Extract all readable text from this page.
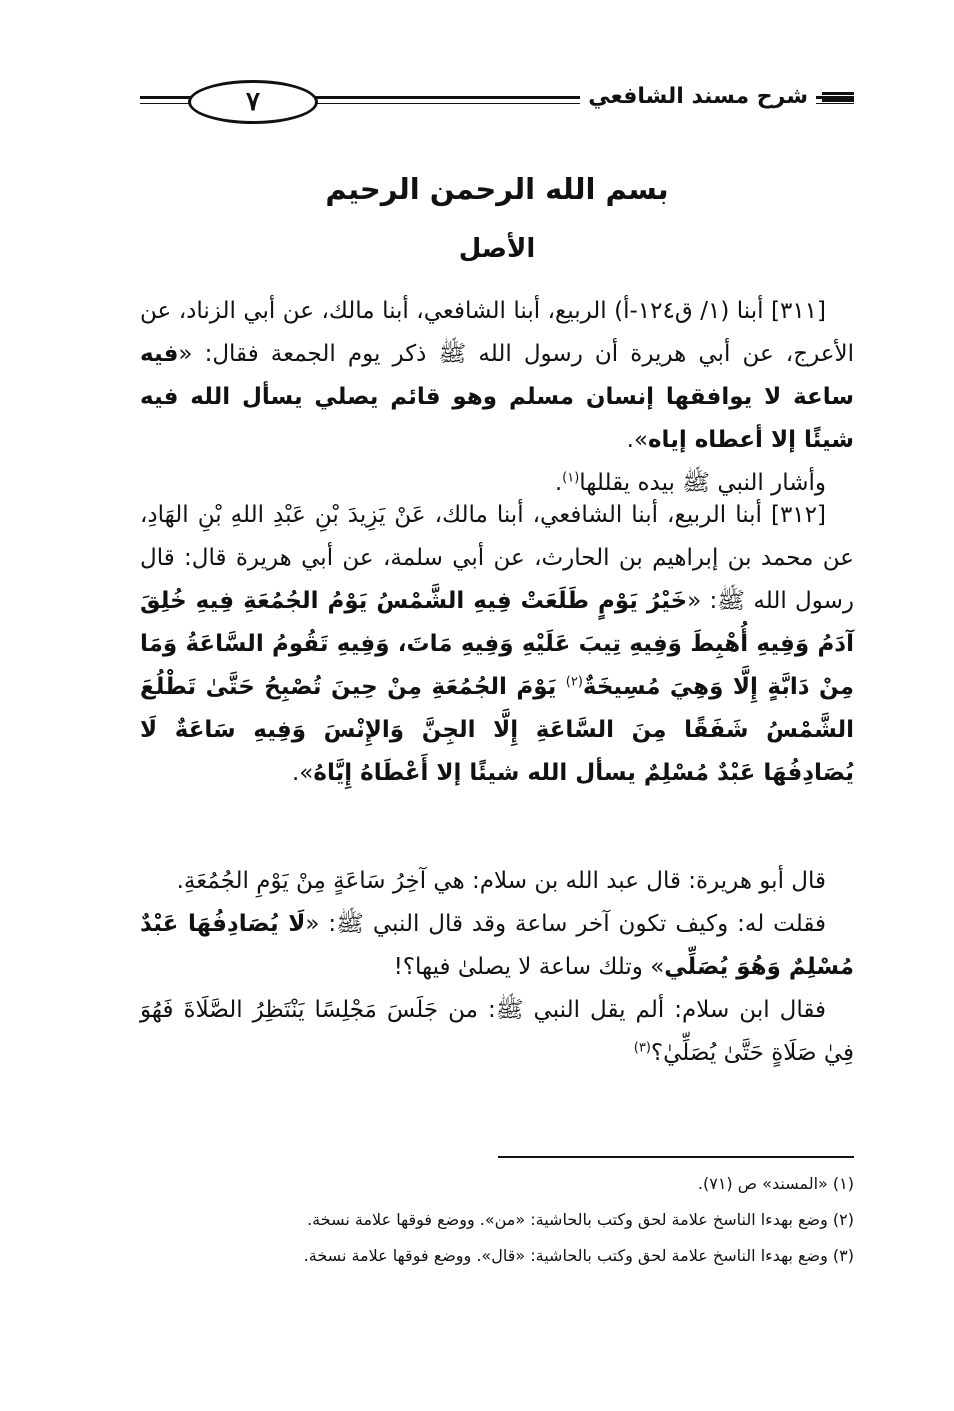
٧	شرح مسند الشافعي
بسم الله الرحمن الرحيم
الأصل

[٣١١] أبنا (١/ ق١٢٤-أ) الربيع، أبنا الشافعي، أبنا مالك، عن أبي الزناد، عن الأعرج، عن أبي هريرة أن رسول الله ﷺ ذكر يوم الجمعة فقال: «فيه ساعة لا يوافقها إنسان مسلم وهو قائم يصلي يسأل الله فيه شيئًا إلا أعطاه إياه».

وأشار النبي ﷺ بيده يقللها$^{(١)}$.

[٣١٢] أبنا الربيع، أبنا الشافعي، أبنا مالك، عَنْ يَزِيدَ بْنِ عَبْدِ اللهِ بْنِ الهَادِ، عن محمد بن إبراهيم بن الحارث، عن أبي سلمة، عن أبي هريرة قال: قال رسول الله ﷺ: «خَيْرُ يَوْمٍ طَلَعَتْ فِيهِ الشَّمْسُ يَوْمُ الجُمُعَةِ فِيهِ خُلِقَ آدَمُ وَفِيهِ أُهْبِطَ وَفِيهِ تِيبَ عَلَيْهِ وَفِيهِ مَاتَ، وَفِيهِ تَقُومُ السَّاعَةُ وَمَا مِنْ دَابَّةٍ إِلَّا وَهِيَ مُسِيخَةٌ$^{(٢)}$ يَوْمَ الجُمُعَةِ مِنْ حِينَ تُصْبِحُ حَتَّىٰ تَطْلُعَ الشَّمْسُ شَفَقًا مِنَ السَّاعَةِ إِلَّا الجِنَّ وَالإِنْسَ وَفِيهِ سَاعَةٌ لَا يُصَادِفُهَا عَبْدٌ مُسْلِمٌ يسأل الله شيئًا إلا أَعْطَاهُ إِيَّاهُ».

قال أبو هريرة: قال عبد الله بن سلام: هي آخِرُ سَاعَةٍ مِنْ يَوْمِ الجُمُعَةِ.

فقلت له: وكيف تكون آخر ساعة وقد قال النبي ﷺ: «لَا يُصَادِفُهَا عَبْدٌ مُسْلِمٌ وَهُوَ يُصَلِّي» وتلك ساعة لا يصلىٰ فيها؟!

فقال ابن سلام: ألم يقل النبي ﷺ: من جَلَسَ مَجْلِسًا يَنْتَظِرُ الصَّلَاةَ فَهُوَ فِيٰ صَلَاةٍ حَتَّىٰ يُصَلِّيٰ؟$^{(٣)}$

(١) «المسند» ص (٧١).
(٢) وضع بهدءا الناسخ علامة لحق وكتب بالحاشية: «من». ووضع فوقها علامة نسخة.
(٣) وضع بهدءا الناسخ علامة لحق وكتب بالحاشية: «قال». ووضع فوقها علامة نسخة.
